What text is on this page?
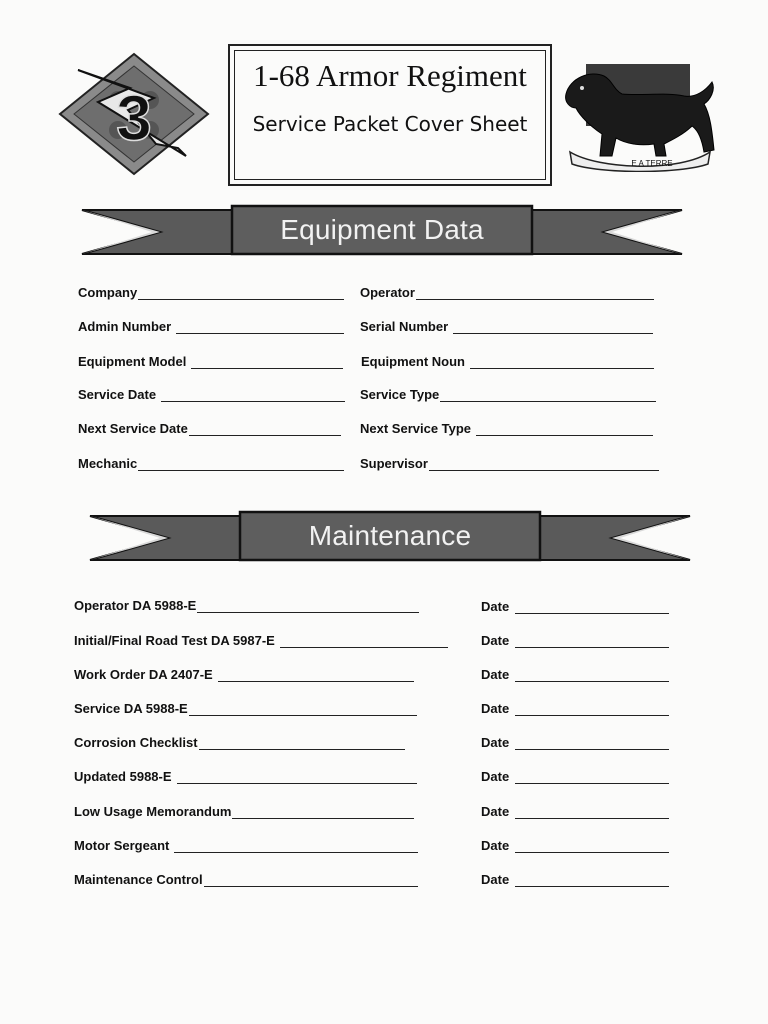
3
1-68 Armor Regiment
Service Packet Cover Sheet
E A TERRE
Equipment Data
Company
Admin Number
Equipment Model
Service Date
Next Service Date
Mechanic
Operator
Serial Number
Equipment Noun
Service Type
Next Service Type
Supervisor
Maintenance
Operator DA 5988-E
Initial/Final Road Test DA 5987-E
Work Order DA 2407-E
Service DA 5988-E
Corrosion Checklist
Updated 5988-E
Low Usage Memorandum
Motor Sergeant
Maintenance Control
Date
Date
Date
Date
Date
Date
Date
Date
Date
